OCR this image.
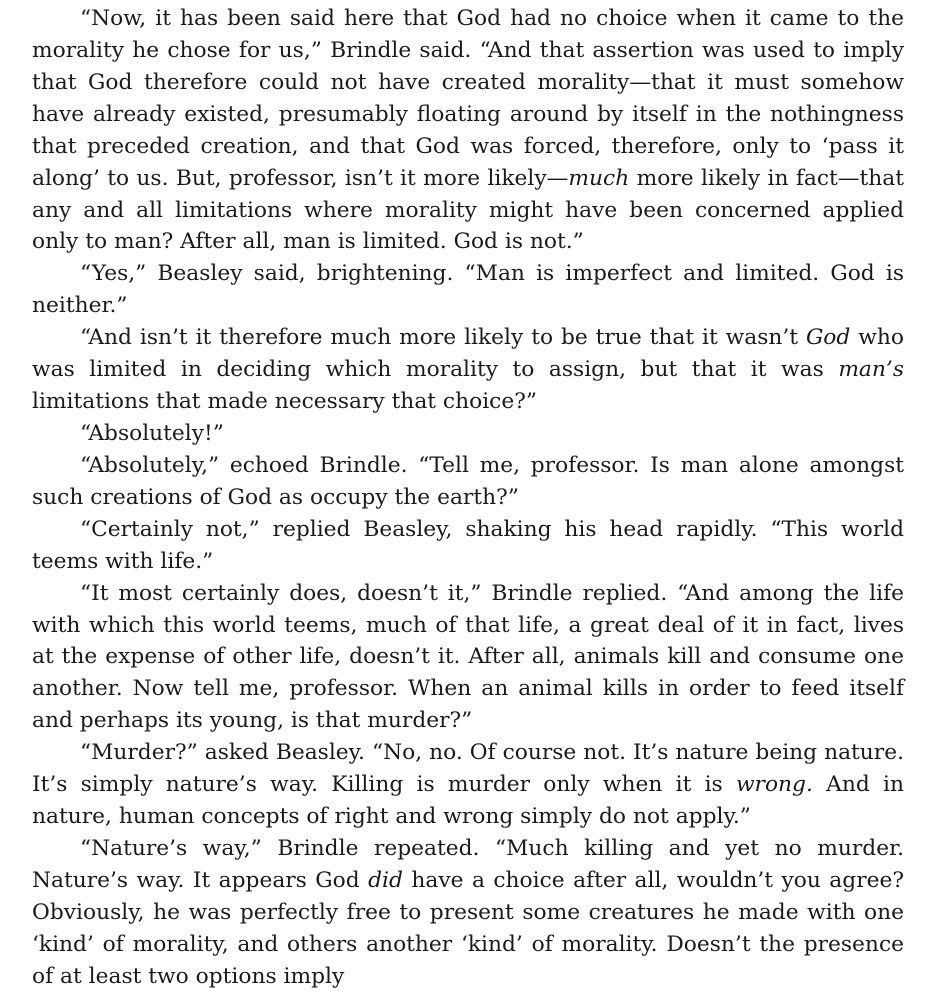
“Now, it has been said here that God had no choice when it came to the morality he chose for us,” Brindle said. “And that assertion was used to imply that God therefore could not have created morality—that it must somehow have already existed, presumably floating around by itself in the nothingness that preceded creation, and that God was forced, therefore, only to ‘pass it along’ to us. But, professor, isn’t it more likely—much more likely in fact—that any and all limitations where morality might have been concerned applied only to man? After all, man is limited. God is not.”

“Yes,” Beasley said, brightening. “Man is imperfect and limited. God is neither.”

“And isn’t it therefore much more likely to be true that it wasn’t God who was limited in deciding which morality to assign, but that it was man’s limitations that made necessary that choice?”

“Absolutely!”

“Absolutely,” echoed Brindle. “Tell me, professor. Is man alone amongst such creations of God as occupy the earth?”

“Certainly not,” replied Beasley, shaking his head rapidly. “This world teems with life.”

“It most certainly does, doesn’t it,” Brindle replied. “And among the life with which this world teems, much of that life, a great deal of it in fact, lives at the expense of other life, doesn’t it. After all, animals kill and consume one another. Now tell me, professor. When an animal kills in order to feed itself and perhaps its young, is that murder?”

“Murder?” asked Beasley. “No, no. Of course not. It’s nature being nature. It’s simply nature’s way. Killing is murder only when it is wrong. And in nature, human concepts of right and wrong simply do not apply.”

“Nature’s way,” Brindle repeated. “Much killing and yet no murder. Nature’s way. It appears God did have a choice after all, wouldn’t you agree? Obviously, he was perfectly free to present some creatures he made with one ‘kind’ of morality, and others another ‘kind’ of morality. Doesn’t the presence of at least two options imply
